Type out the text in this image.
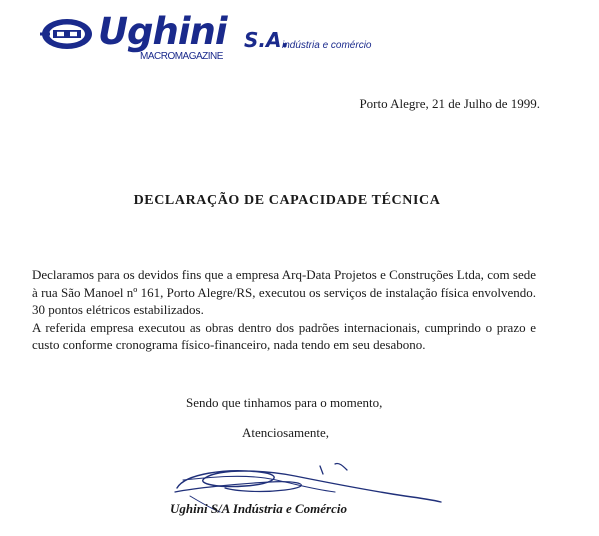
Ughini S.A.
indústria e comércio
MACROMAGAZINE
Porto Alegre, 21 de Julho de 1999.
DECLARAÇÃO DE CAPACIDADE TÉCNICA

Declaramos para os devidos fins que a empresa Arq-Data Projetos e Construções Ltda, com sede à rua São Manoel nº 161, Porto Alegre/RS, executou os serviços de instalação física envolvendo. 30 pontos elétricos estabilizados.

A referida empresa executou as obras dentro dos padrões internacionais, cumprindo o prazo e custo conforme cronograma físico-financeiro, nada tendo em seu desabono.

Sendo que tinhamos para o momento,
Atenciosamente,
Ughini S/A Indústria e Comércio
